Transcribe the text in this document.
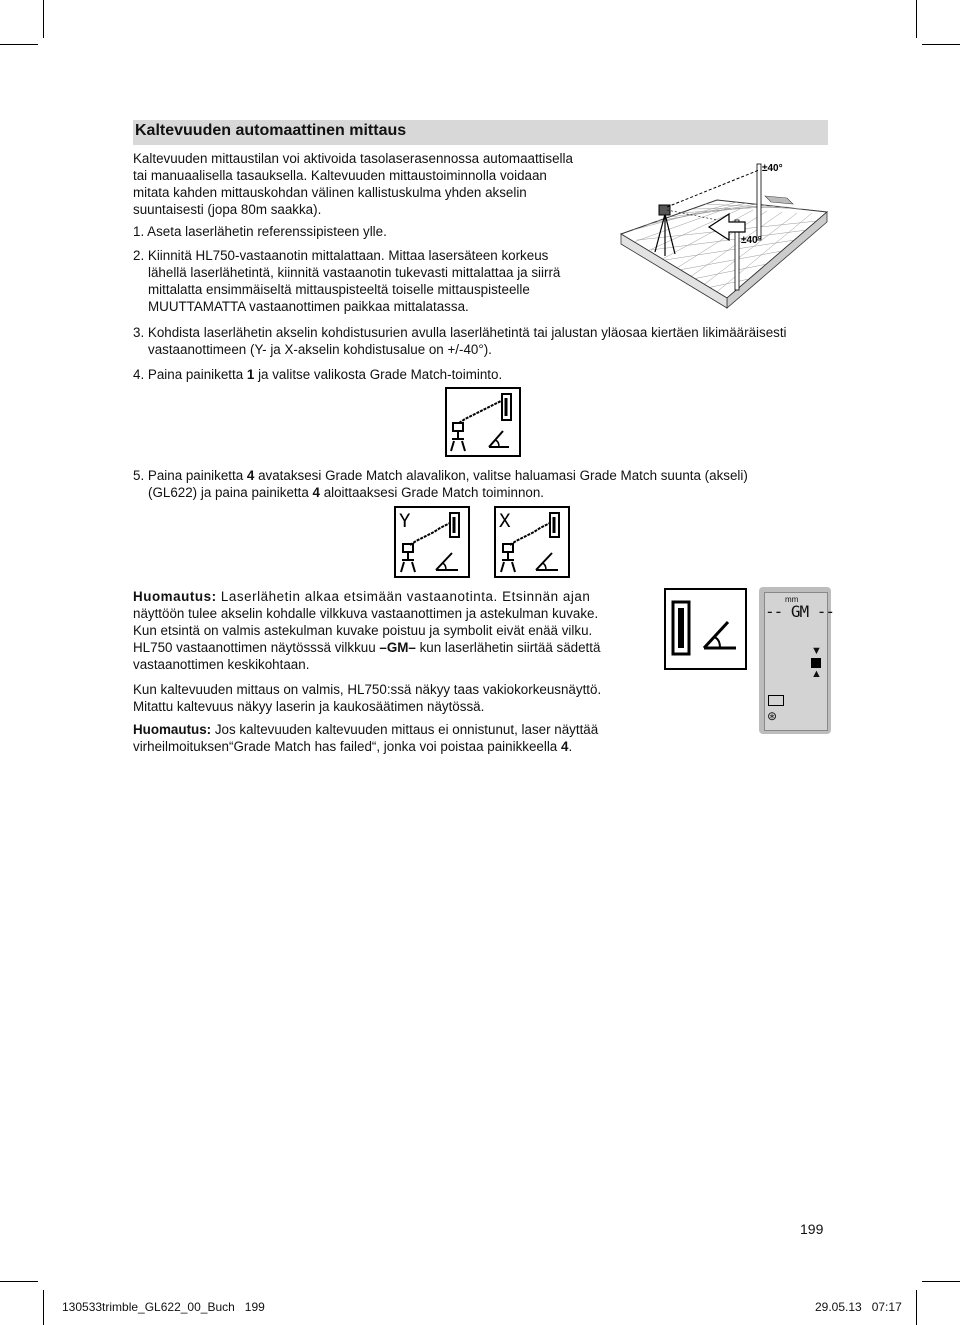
Kaltevuuden automaattinen mittaus
Kaltevuuden mittaustilan voi aktivoida tasolaserasennossa automaattisella
tai manuaalisella tasauksella. Kaltevuuden mittaustoiminnolla voidaan
mitata kahden mittauskohdan välinen kallistuskulma yhden akselin
suuntaisesti (jopa 80m saakka).
1. Aseta laserlähetin referenssipisteen ylle.
2. Kiinnitä HL750-vastaanotin mittalattaan. Mittaa lasersäteen korkeus
lähellä laserlähetintä, kiinnitä vastaanotin tukevasti mittalattaa ja siirrä
mittalatta ensimmäiseltä mittauspisteeltä toiselle mittauspisteelle
MUUTTAMATTA vastaanottimen paikkaa mittalatassa.
±40°
±40°
3. Kohdista laserlähetin akselin kohdistusurien avulla laserlähetintä tai jalustan yläosaa kiertäen likimääräisesti
vastaanottimeen (Y- ja X-akselin kohdistusalue on +/-40°).
4. Paina painiketta 1 ja valitse valikosta Grade Match-toiminto.
5. Paina painiketta 4 avataksesi Grade Match alavalikon, valitse haluamasi Grade Match suunta (akseli)
(GL622) ja paina painiketta 4 aloittaaksesi Grade Match toiminnon.
Y	X
Huomautus: Laserlähetin alkaa etsimään vastaanotinta. Etsinnän ajan
näyttöön tulee akselin kohdalle vilkkuva vastaanottimen ja astekulman kuvake.
Kun etsintä on valmis astekulman kuvake poistuu ja symbolit eivät enää vilku.
HL750 vastaanottimen näytösssä vilkkuu –GM– kun laserlähetin siirtää sädettä
vastaanottimen keskikohtaan.
mm
-- GM --
▼
▲
⊛
Kun kaltevuuden mittaus on valmis, HL750:ssä näkyy taas vakiokorkeusnäyttö.
Mitattu kaltevuus näkyy laserin ja kaukosäätimen näytössä.
Huomautus: Jos kaltevuuden kaltevuuden mittaus ei onnistunut, laser näyttää
virheilmoituksen“Grade Match has failed“, jonka voi poistaa painikkeella 4.
199
130533trimble_GL622_00_Buch   199	29.05.13   07:17
